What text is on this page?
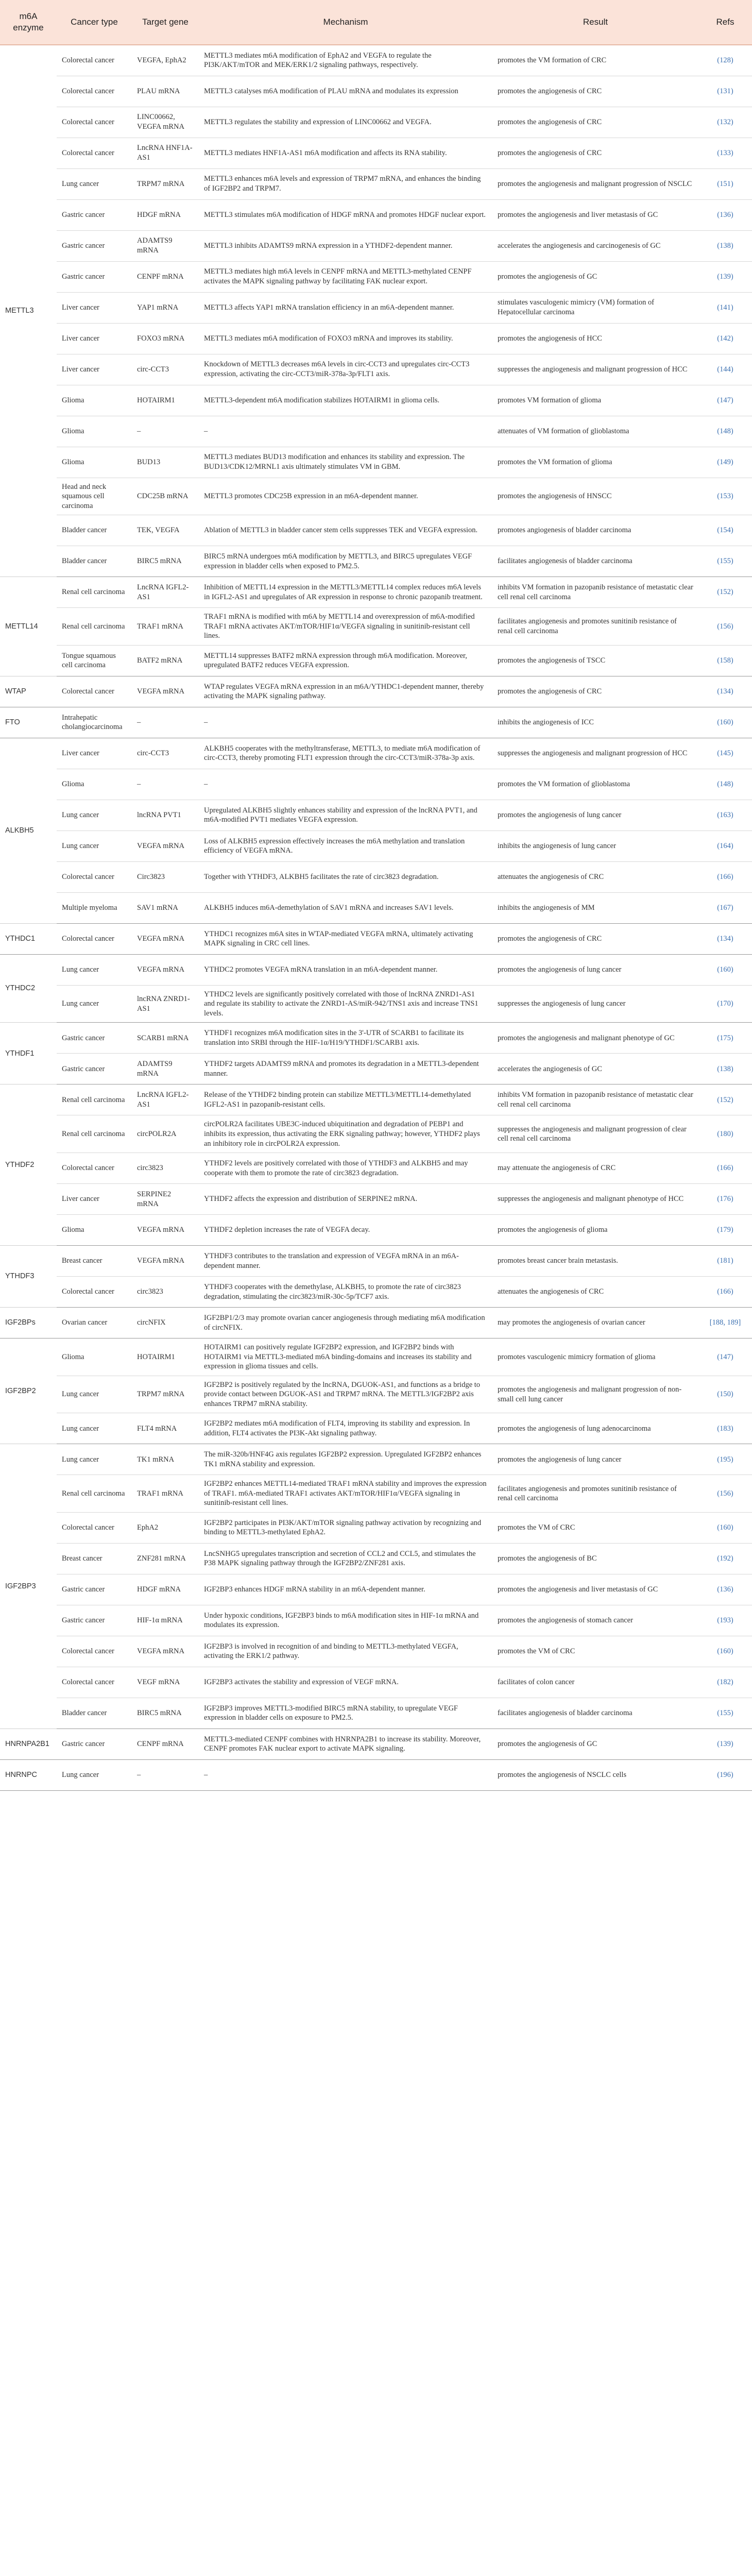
m6A enzyme	Cancer type	Target gene	Mechanism	Result	Refs
METTL3	Colorectal cancer	VEGFA, EphA2	METTL3 mediates m6A modification of EphA2 and VEGFA to regulate the PI3K/AKT/mTOR and MEK/ERK1/2 signaling pathways, respectively.	promotes the VM formation of CRC	(128)
	Colorectal cancer	PLAU mRNA	METTL3 catalyses m6A modification of PLAU mRNA and modulates its expression	promotes the angiogenesis of CRC	(131)
	Colorectal cancer	LINC00662, VEGFA mRNA	METTL3 regulates the stability and expression of LINC00662 and VEGFA.	promotes the angiogenesis of CRC	(132)
	Colorectal cancer	LncRNA HNF1A-AS1	METTL3 mediates HNF1A-AS1 m6A modification and affects its RNA stability.	promotes the angiogenesis of CRC	(133)
	Lung cancer	TRPM7 mRNA	METTL3 enhances m6A levels and expression of TRPM7 mRNA, and enhances the binding of IGF2BP2 and TRPM7.	promotes the angiogenesis and malignant progression of NSCLC	(151)
	Gastric cancer	HDGF mRNA	METTL3 stimulates m6A modification of HDGF mRNA and promotes HDGF nuclear export.	promotes the angiogenesis and liver metastasis of GC	(136)
	Gastric cancer	ADAMTS9 mRNA	METTL3 inhibits ADAMTS9 mRNA expression in a YTHDF2-dependent manner.	accelerates the angiogenesis and carcinogenesis of GC	(138)
	Gastric cancer	CENPF mRNA	METTL3 mediates high m6A levels in CENPF mRNA and METTL3-methylated CENPF activates the MAPK signaling pathway by facilitating FAK nuclear export.	promotes the angiogenesis of GC	(139)
	Liver cancer	YAP1 mRNA	METTL3 affects YAP1 mRNA translation efficiency in an m6A-dependent manner.	stimulates vasculogenic mimicry (VM) formation of Hepatocellular carcinoma	(141)
	Liver cancer	FOXO3 mRNA	METTL3 mediates m6A modification of FOXO3 mRNA and improves its stability.	promotes the angiogenesis of HCC	(142)
	Liver cancer	circ-CCT3	Knockdown of METTL3 decreases m6A levels in circ-CCT3 and upregulates circ-CCT3 expression, activating the circ-CCT3/miR-378a-3p/FLT1 axis.	suppresses the angiogenesis and malignant progression of HCC	(144)
	Glioma	HOTAIRM1	METTL3-dependent m6A modification stabilizes HOTAIRM1 in glioma cells.	promotes VM formation of glioma	(147)
	Glioma	–	–	attenuates of VM formation of glioblastoma	(148)
	Glioma	BUD13	METTL3 mediates BUD13 modification and enhances its stability and expression. The BUD13/CDK12/MRNL1 axis ultimately stimulates VM in GBM.	promotes the VM formation of glioma	(149)
	Head and neck squamous cell carcinoma	CDC25B mRNA	METTL3 promotes CDC25B expression in an m6A-dependent manner.	promotes the angiogenesis of HNSCC	(153)
	Bladder cancer	TEK, VEGFA	Ablation of METTL3 in bladder cancer stem cells suppresses TEK and VEGFA expression.	promotes angiogenesis of bladder carcinoma	(154)
	Bladder cancer	BIRC5 mRNA	BIRC5 mRNA undergoes m6A modification by METTL3, and BIRC5 upregulates VEGF expression in bladder cells when exposed to PM2.5.	facilitates angiogenesis of bladder carcinoma	(155)
METTL14	Renal cell carcinoma	LncRNA IGFL2-AS1	Inhibition of METTL14 expression in the METTL3/METTL14 complex reduces m6A levels in IGFL2-AS1 and upregulates of AR expression in response to chronic pazopanib treatment.	inhibits VM formation in pazopanib resistance of metastatic clear cell renal cell carcinoma	(152)
	Renal cell carcinoma	TRAF1 mRNA	TRAF1 mRNA is modified with m6A by METTL14 and overexpression of m6A-modified TRAF1 mRNA activates AKT/mTOR/HIF1α/VEGFA signaling in sunitinib-resistant cell lines.	facilitates angiogenesis and promotes sunitinib resistance of renal cell carcinoma	(156)
	Tongue squamous cell carcinoma	BATF2 mRNA	METTL14 suppresses BATF2 mRNA expression through m6A modification. Moreover, upregulated BATF2 reduces VEGFA expression.	promotes the angiogenesis of TSCC	(158)
WTAP	Colorectal cancer	VEGFA mRNA	WTAP regulates VEGFA mRNA expression in an m6A/YTHDC1-dependent manner, thereby activating the MAPK signaling pathway.	promotes the angiogenesis of CRC	(134)
FTO	Intrahepatic cholangiocarcinoma	–	–	inhibits the angiogenesis of ICC	(160)
ALKBH5	Liver cancer	circ-CCT3	ALKBH5 cooperates with the methyltransferase, METTL3, to mediate m6A modification of circ-CCT3, thereby promoting FLT1 expression through the circ-CCT3/miR-378a-3p axis.	suppresses the angiogenesis and malignant progression of HCC	(145)
	Glioma	–	–	promotes the VM formation of glioblastoma	(148)
	Lung cancer	lncRNA PVT1	Upregulated ALKBH5 slightly enhances stability and expression of the lncRNA PVT1, and m6A-modified PVT1 mediates VEGFA expression.	promotes the angiogenesis of lung cancer	(163)
	Lung cancer	VEGFA mRNA	Loss of ALKBH5 expression effectively increases the m6A methylation and translation efficiency of VEGFA mRNA.	inhibits the angiogenesis of lung cancer	(164)
	Colorectal cancer	Circ3823	Together with YTHDF3, ALKBH5 facilitates the rate of circ3823 degradation.	attenuates the angiogenesis of CRC	(166)
	Multiple myeloma	SAV1 mRNA	ALKBH5 induces m6A-demethylation of SAV1 mRNA and increases SAV1 levels.	inhibits the angiogenesis of MM	(167)
YTHDC1	Colorectal cancer	VEGFA mRNA	YTHDC1 recognizes m6A sites in WTAP-mediated VEGFA mRNA, ultimately activating MAPK signaling in CRC cell lines.	promotes the angiogenesis of CRC	(134)
YTHDC2	Lung cancer	VEGFA mRNA	YTHDC2 promotes VEGFA mRNA translation in an m6A-dependent manner.	promotes the angiogenesis of lung cancer	(160)
	Lung cancer	lncRNA ZNRD1-AS1	YTHDC2 levels are significantly positively correlated with those of lncRNA ZNRD1-AS1 and regulate its stability to activate the ZNRD1-AS/miR-942/TNS1 axis and increase TNS1 levels.	suppresses the angiogenesis of lung cancer	(170)
YTHDF1	Gastric cancer	SCARB1 mRNA	YTHDF1 recognizes m6A modification sites in the 3'-UTR of SCARB1 to facilitate its translation into SRBI through the HIF-1α/H19/YTHDF1/SCARB1 axis.	promotes the angiogenesis and malignant phenotype of GC	(175)
	Gastric cancer	ADAMTS9 mRNA	YTHDF2 targets ADAMTS9 mRNA and promotes its degradation in a METTL3-dependent manner.	accelerates the angiogenesis of GC	(138)
YTHDF2	Renal cell carcinoma	LncRNA IGFL2-AS1	Release of the YTHDF2 binding protein can stabilize METTL3/METTL14-demethylated IGFL2-AS1 in pazopanib-resistant cells.	inhibits VM formation in pazopanib resistance of metastatic clear cell renal cell carcinoma	(152)
	Renal cell carcinoma	circPOLR2A	circPOLR2A facilitates UBE3C-induced ubiquitination and degradation of PEBP1 and inhibits its expression, thus activating the ERK signaling pathway; however, YTHDF2 plays an inhibitory role in circPOLR2A expression.	suppresses the angiogenesis and malignant progression of clear cell renal cell carcinoma	(180)
	Colorectal cancer	circ3823	YTHDF2 levels are positively correlated with those of YTHDF3 and ALKBH5 and may cooperate with them to promote the rate of circ3823 degradation.	may attenuate the angiogenesis of CRC	(166)
	Liver cancer	SERPINE2 mRNA	YTHDF2 affects the expression and distribution of SERPINE2 mRNA.	suppresses the angiogenesis and malignant phenotype of HCC	(176)
	Glioma	VEGFA mRNA	YTHDF2 depletion increases the rate of VEGFA decay.	promotes the angiogenesis of glioma	(179)
YTHDF3	Breast cancer	VEGFA mRNA	YTHDF3 contributes to the translation and expression of VEGFA mRNA in an m6A-dependent manner.	promotes breast cancer brain metastasis.	(181)
	Colorectal cancer	circ3823	YTHDF3 cooperates with the demethylase, ALKBH5, to promote the rate of circ3823 degradation, stimulating the circ3823/miR-30c-5p/TCF7 axis.	attenuates the angiogenesis of CRC	(166)
IGF2BPs	Ovarian cancer	circNFIX	IGF2BP1/2/3 may promote ovarian cancer angiogenesis through mediating m6A modification of circNFIX.	may promotes the angiogenesis of ovarian cancer	[188, 189]
IGF2BP2	Glioma	HOTAIRM1	HOTAIRM1 can positively regulate IGF2BP2 expression, and IGF2BP2 binds with HOTAIRM1 via METTL3-mediated m6A binding-domains and increases its stability and expression in glioma tissues and cells.	promotes vasculogenic mimicry formation of glioma	(147)
	Lung cancer	TRPM7 mRNA	IGF2BP2 is positively regulated by the lncRNA, DGUOK-AS1, and functions as a bridge to provide contact between DGUOK-AS1 and TRPM7 mRNA. The METTL3/IGF2BP2 axis enhances TRPM7 mRNA stability.	promotes the angiogenesis and malignant progression of non-small cell lung cancer	(150)
	Lung cancer	FLT4 mRNA	IGF2BP2 mediates m6A modification of FLT4, improving its stability and expression. In addition, FLT4 activates the PI3K-Akt signaling pathway.	promotes the angiogenesis of lung adenocarcinoma	(183)
IGF2BP3	Lung cancer	TK1 mRNA	The miR-320b/HNF4G axis regulates IGF2BP2 expression. Upregulated IGF2BP2 enhances TK1 mRNA stability and expression.	promotes the angiogenesis of lung cancer	(195)
	Renal cell carcinoma	TRAF1 mRNA	IGF2BP2 enhances METTL14-mediated TRAF1 mRNA stability and improves the expression of TRAF1. m6A-mediated TRAF1 activates AKT/mTOR/HIF1α/VEGFA signaling in sunitinib-resistant cell lines.	facilitates angiogenesis and promotes sunitinib resistance of renal cell carcinoma	(156)
	Colorectal cancer	EphA2	IGF2BP2 participates in PI3K/AKT/mTOR signaling pathway activation by recognizing and binding to METTL3-methylated EphA2.	promotes the VM of CRC	(160)
	Breast cancer	ZNF281 mRNA	LncSNHG5 upregulates transcription and secretion of CCL2 and CCL5, and stimulates the P38 MAPK signaling pathway through the IGF2BP2/ZNF281 axis.	promotes the angiogenesis of BC	(192)
	Gastric cancer	HDGF mRNA	IGF2BP3 enhances HDGF mRNA stability in an m6A-dependent manner.	promotes the angiogenesis and liver metastasis of GC	(136)
	Gastric cancer	HIF-1α mRNA	Under hypoxic conditions, IGF2BP3 binds to m6A modification sites in HIF-1α mRNA and modulates its expression.	promotes the angiogenesis of stomach cancer	(193)
	Colorectal cancer	VEGFA mRNA	IGF2BP3 is involved in recognition of and binding to METTL3-methylated VEGFA, activating the ERK1/2 pathway.	promotes the VM of CRC	(160)
	Colorectal cancer	VEGF mRNA	IGF2BP3 activates the stability and expression of VEGF mRNA.	facilitates of colon cancer	(182)
	Bladder cancer	BIRC5 mRNA	IGF2BP3 improves METTL3-modified BIRC5 mRNA stability, to upregulate VEGF expression in bladder cells on exposure to PM2.5.	facilitates angiogenesis of bladder carcinoma	(155)
HNRNPA2B1	Gastric cancer	CENPF mRNA	METTL3-mediated CENPF combines with HNRNPA2B1 to increase its stability. Moreover, CENPF promotes FAK nuclear export to activate MAPK signaling.	promotes the angiogenesis of GC	(139)
HNRNPC	Lung cancer	–	–	promotes the angiogenesis of NSCLC cells	(196)
